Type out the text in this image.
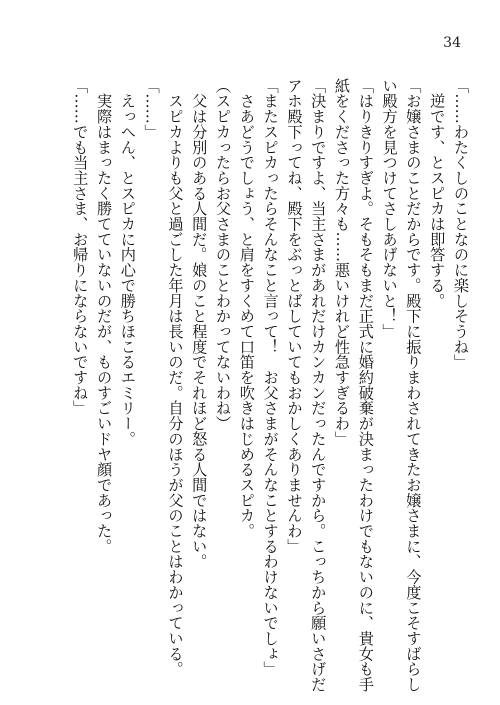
34
「……わたくしのことなのに楽しそうね」
　逆です、とスピカは即答する。
「お嬢さまのことだからです。殿下に振りまわされてきたお嬢さまに、今度こそすばらし
い殿方を見つけてさしあげないと！」
「はりきりすぎよ。そもそもまだ正式に婚約破棄が決まったわけでもないのに、貴女も手
紙をくださった方々も……悪いけれど性急すぎるわ」
「決まりですよ、当主さまがあれだけカンカンだったんですから。こっちから願いさげだ
アホ殿下ってね、殿下をぶっとばしていてもおかしくありませんわ」
「またスピカったらそんなこと言って！　お父さまがそんなことするわけないでしょ」
　さあどうでしょう、と肩をすくめて口笛を吹きはじめるスピカ。
（スピカったらお父さまのことわかってないわね）
　父は分別のある人間だ。娘のこと程度でそれほど怒る人間ではない。
　スピカよりも父と過ごした年月は長いのだ。自分のほうが父のことはわかっている。
「……」
　えっへん、とスピカに内心で勝ちほこるエミリー。
　実際はまったく勝てていないのだが、ものすごいドヤ顔であった。
「……でも当主さま、お帰りにならないですね」
